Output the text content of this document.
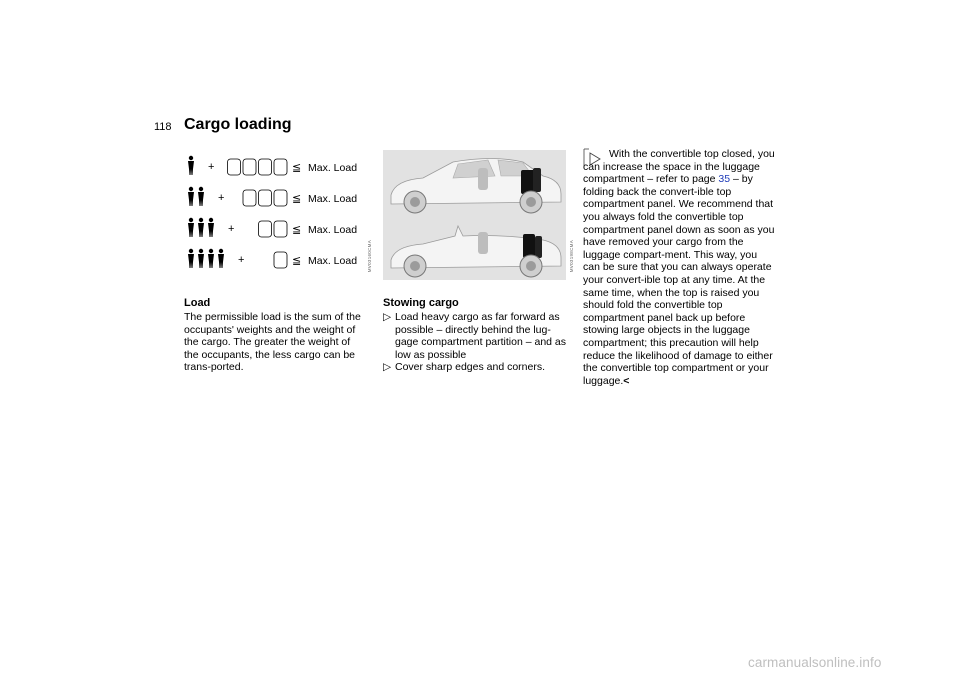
118 Cargo loading
+	≦ Max. Load
+	≦ Max. Load
+	≦ Max. Load
+	≦ Max. Load MV03160CMA	MV03198CMA
Load
The permissible load is the sum of the occupants' weights and the weight of the cargo. The greater the weight of the occupants, the less cargo can be trans-ported.
Stowing cargo
▷ Load heavy cargo as far forward as possible – directly behind the lug-gage compartment partition – and as low as possible
▷ Cover sharp edges and corners.
With the convertible top closed, you can increase the space in the luggage compartment – refer to page 35 – by folding back the convert-ible top compartment panel. We recommend that you always fold the convertible top compartment panel down as soon as you have removed your cargo from the luggage compart-ment. This way, you can be sure that you can always operate your convert-ible top at any time. At the same time, when the top is raised you should fold the convertible top compartment panel back up before stowing large objects in the luggage compartment; this precaution will help reduce the likelihood of damage to either the convertible top compartment or your luggage.<
carmanualsonline.info
